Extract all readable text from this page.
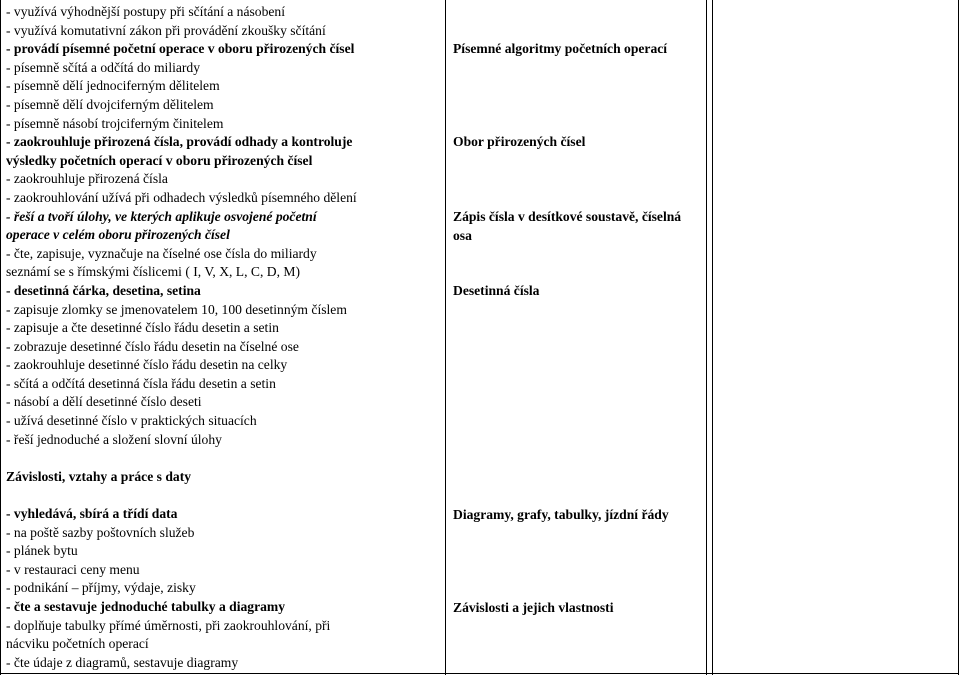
- využívá výhodnější postupy při sčítání a násobení
- využívá komutativní zákon při provádění zkoušky sčítání
- provádí písemné početní operace v oboru přirozených čísel
- písemně sčítá a odčítá do miliardy
- písemně dělí jednociferným dělitelem
- písemně dělí dvojciferným dělitelem
- písemně násobí trojciferným činitelem
- zaokrouhluje přirozená čísla, provádí odhady a kontroluje
výsledky početních operací v oboru přirozených čísel
- zaokrouhluje přirozená čísla
- zaokrouhlování užívá při odhadech výsledků písemného dělení
- řeší a tvoří úlohy, ve kterých aplikuje osvojené početní
operace v celém oboru přirozených čísel
- čte, zapisuje, vyznačuje na číselné ose čísla do miliardy
seznámí se s římskými číslicemi ( I, V, X, L, C, D, M)
- desetinná čárka, desetina, setina
- zapisuje zlomky se jmenovatelem 10, 100 desetinným číslem
- zapisuje a čte desetinné číslo řádu desetin a setin
- zobrazuje desetinné číslo řádu desetin na číselné ose
- zaokrouhluje desetinné číslo řádu desetin na celky
- sčítá a odčítá desetinná čísla řádu desetin a setin
- násobí a dělí desetinné číslo deseti
- užívá desetinné číslo v praktických situacích
- řeší jednoduché a složení slovní úlohy
Závislosti, vztahy a práce s daty
- vyhledává, sbírá a třídí data
- na poště sazby poštovních služeb
- plánek bytu
- v restauraci ceny menu
- podnikání – příjmy, výdaje, zisky
- čte a sestavuje jednoduché tabulky a diagramy
- doplňuje tabulky přímé úměrnosti, při zaokrouhlování, při
nácviku početních operací
- čte údaje z diagramů, sestavuje diagramy
Písemné algoritmy početních operací
Obor přirozených čísel
Zápis čísla v desítkové soustavě, číselná osa
Desetinná čísla
Diagramy, grafy, tabulky, jízdní řády
Závislosti a jejich vlastnosti
